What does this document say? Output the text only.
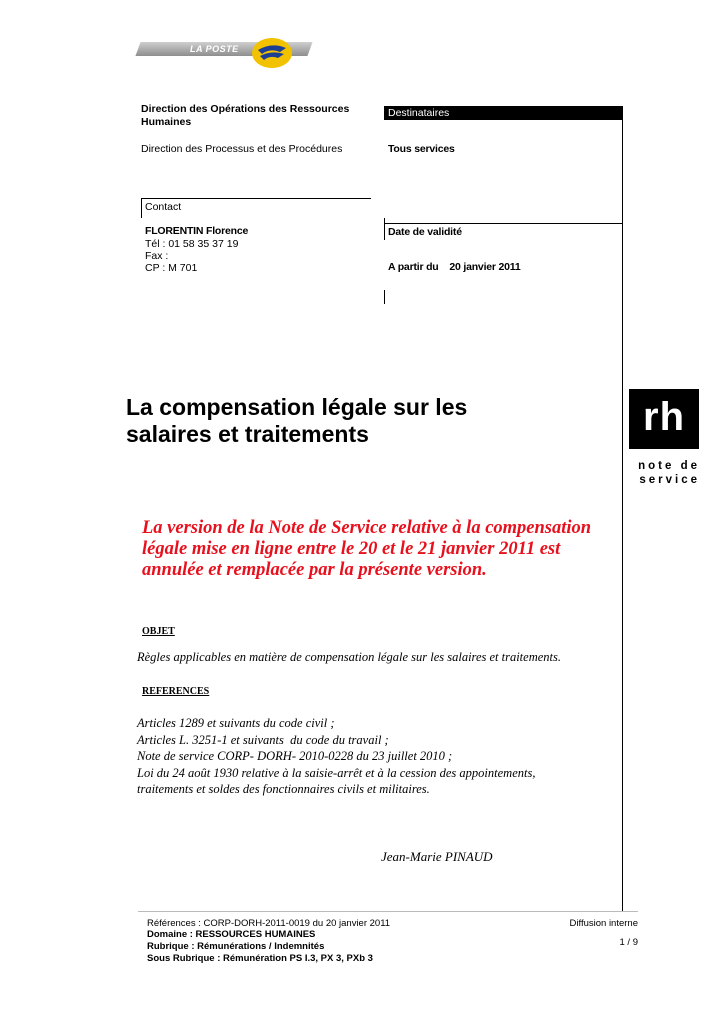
LA POSTE
Direction des Opérations des Ressources
Humaines
Direction des Processus et des Procédures
Destinataires
Tous services
Contact
FLORENTIN Florence
Tél : 01 58 35 37 19
Fax :
CP : M 701
Date de validité
A partir du    20 janvier 2011
La compensation légale sur les
salaires et traitements	rh
note de
service
La version de la Note de Service relative à la compensation légale mise en ligne entre le 20 et le 21 janvier 2011 est annulée et remplacée par la présente version.
OBJET
Règles applicables en matière de compensation légale sur les salaires et traitements.
REFERENCES
Articles 1289 et suivants du code civil ;
Articles L. 3251-1 et suivants  du code du travail ;
Note de service CORP- DORH- 2010-0228 du 23 juillet 2010 ;
Loi du 24 août 1930 relative à la saisie-arrêt et à la cession des appointements,
traitements et soldes des fonctionnaires civils et militaires.
Jean-Marie PINAUD
Références : CORP-DORH-2011-0019 du 20 janvier 2011
Domaine : RESSOURCES HUMAINES
Rubrique : Rémunérations / Indemnités
Sous Rubrique : Rémunération PS I.3, PX 3, PXb 3
Diffusion interne
1 / 9
